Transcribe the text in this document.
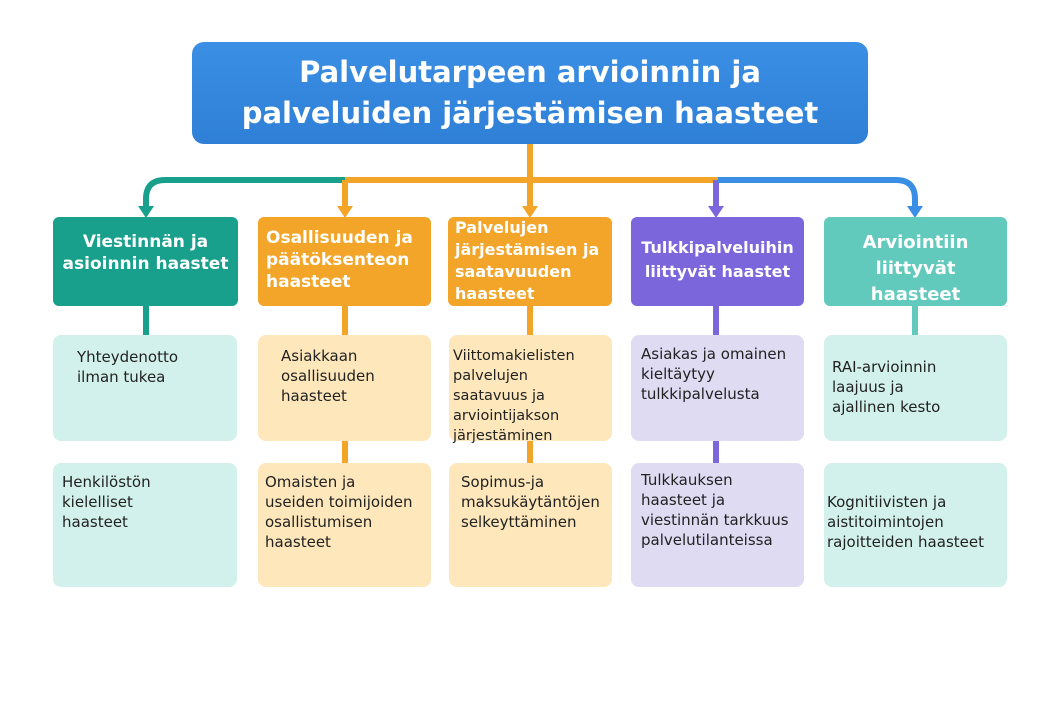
Palvelutarpeen arvioinnin ja
palveluiden järjestämisen haasteet
Viestinnän ja
asioinnin haastet
Yhteydenotto
ilman tukea
Henkilöstön
kielelliset
haasteet
Osallisuuden ja
päätöksenteon
haasteet
Asiakkaan
osallisuuden
haasteet
Omaisten ja
useiden toimijoiden
osallistumisen
haasteet
Palvelujen
järjestämisen ja
saatavuuden
haasteet
Viittomakielisten
palvelujen
saatavuus ja
arviointijakson
järjestäminen
Sopimus-ja
maksukäytäntöjen
selkeyttäminen
Tulkkipalveluihin
liittyvät haastet
Asiakas ja omainen
kieltäytyy
tulkkipalvelusta
Tulkkauksen
haasteet ja
viestinnän tarkkuus
palvelutilanteissa
Arviointiin
liittyvät
haasteet
RAI-arvioinnin
laajuus ja
ajallinen kesto
Kognitiivisten ja
aistitoimintojen
rajoitteiden haasteet
